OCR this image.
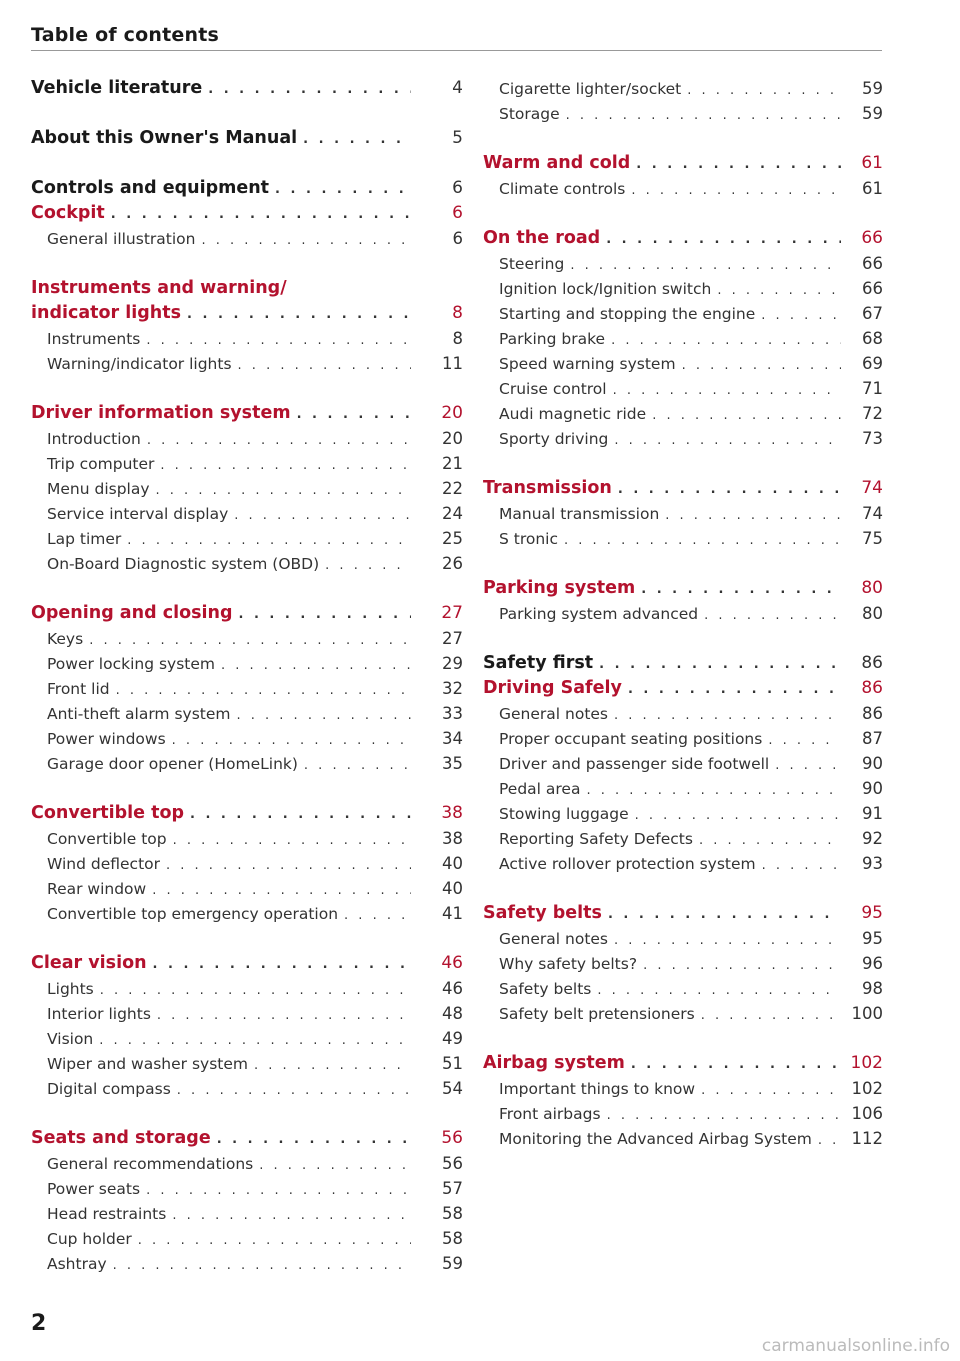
Table of contents
Vehicle literature . . .	4
About this Owner's Manual . . .	5
Controls and equipment . . .	6
Cockpit . . .	6
General illustration . . .	6
Instruments and warning/
indicator lights . . .	8
Instruments . . .	8
Warning/indicator lights . . .	11
Driver information system . . .	20
Introduction . . .	20
Trip computer . . .	21
Menu display . . .	22
Service interval display . . .	24
Lap timer . . .	25
On-Board Diagnostic system (OBD) . . .	26
Opening and closing . . .	27
Keys . . .	27
Power locking system . . .	29
Front lid . . .	32
Anti-theft alarm system . . .	33
Power windows . . .	34
Garage door opener (HomeLink) . . .	35
Convertible top . . .	38
Convertible top . . .	38
Wind deflector . . .	40
Rear window . . .	40
Convertible top emergency operation . . .	41
Clear vision . . .	46
Lights . . .	46
Interior lights . . .	48
Vision . . .	49
Wiper and washer system . . .	51
Digital compass . . .	54
Seats and storage . . .	56
General recommendations . . .	56
Power seats . . .	57
Head restraints . . .	58
Cup holder . . .	58
Ashtray . . .	59
Cigarette lighter/socket . . .	59
Storage . . .	59
Warm and cold . . .	61
Climate controls . . .	61
On the road . . .	66
Steering . . .	66
Ignition lock/Ignition switch . . .	66
Starting and stopping the engine . . .	67
Parking brake . . .	68
Speed warning system . . .	69
Cruise control . . .	71
Audi magnetic ride . . .	72
Sporty driving . . .	73
Transmission . . .	74
Manual transmission . . .	74
S tronic . . .	75
Parking system . . .	80
Parking system advanced . . .	80
Safety first . . .	86
Driving Safely . . .	86
General notes . . .	86
Proper occupant seating positions . . .	87
Driver and passenger side footwell . . .	90
Pedal area . . .	90
Stowing luggage . . .	91
Reporting Safety Defects . . .	92
Active rollover protection system . . .	93
Safety belts . . .	95
General notes . . .	95
Why safety belts? . . .	96
Safety belts . . .	98
Safety belt pretensioners . . .	100
Airbag system . . .	102
Important things to know . . .	102
Front airbags . . .	106
Monitoring the Advanced Airbag System . . . 112
2
carmanualsonline.info
